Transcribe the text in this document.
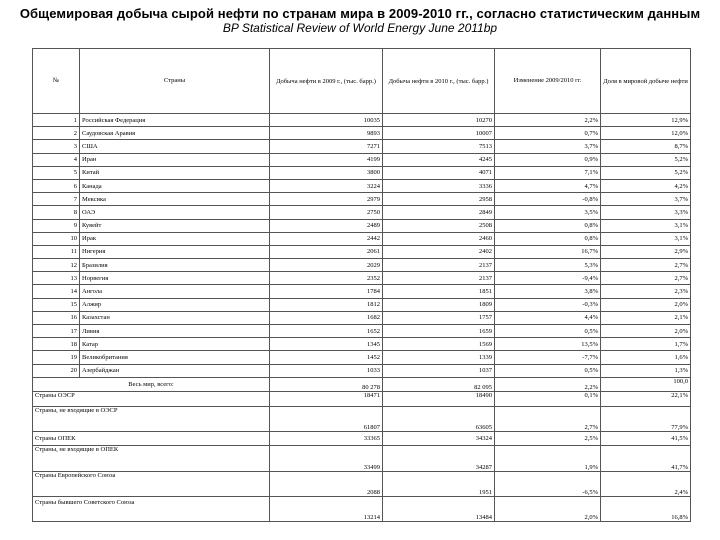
Общемировая добыча сырой нефти по странам мира в 2009-2010 гг., согласно статистическим данным
BP Statistical Review of World Energy June 2011bp
№	Страны	Добыча нефти в 2009 г., (тыс. барр.)	Добыча нефти в 2010 г., (тыс. барр.)	Изменение 2009/2010 гг.	Доля в мировой добыче нефти
1	Российская Федерация	10035	10270	2,2%	12,9%
2	Саудовская Аравия	9893	10007	0,7%	12,0%
3	США	7271	7513	3,7%	8,7%
4	Иран	4199	4245	0,9%	5,2%
5	Китай	3800	4071	7,1%	5,2%
6	Канада	3224	3336	4,7%	4,2%
7	Мексика	2979	2958	-0,8%	3,7%
8	ОАЭ	2750	2849	3,5%	3,3%
9	Кувейт	2489	2508	0,8%	3,1%
10	Ирак	2442	2460	0,8%	3,1%
11	Нигерия	2061	2402	16,7%	2,9%
12	Бразилия	2029	2137	5,3%	2,7%
13	Норвегия	2352	2137	-9,4%	2,7%
14	Ангола	1784	1851	3,8%	2,3%
15	Алжир	1812	1809	-0,3%	2,0%
16	Казахстан	1682	1757	4,4%	2,1%
17	Ливия	1652	1659	0,5%	2,0%
18	Катар	1345	1569	13,5%	1,7%
19	Великобритания	1452	1339	-7,7%	1,6%
20	Азербайджан	1033	1037	0,5%	1,3%
Весь мир, всего:		80 278	82 095	2,2%	100,0
Страны ОЭСР		18471	18490	0,1%	22,1%
Страны, не входящие в ОЭСР		61807	63605	2,7%	77,9%
Страны ОПЕК		33365	34324	2,5%	41,5%
Страны, не входящие в ОПЕК		33499	34287	1,9%	41,7%
Страны Европейского Союза		2088	1951	-6,5%	2,4%
Страны бывшего Советского Союза		13214	13484	2,0%	16,8%
